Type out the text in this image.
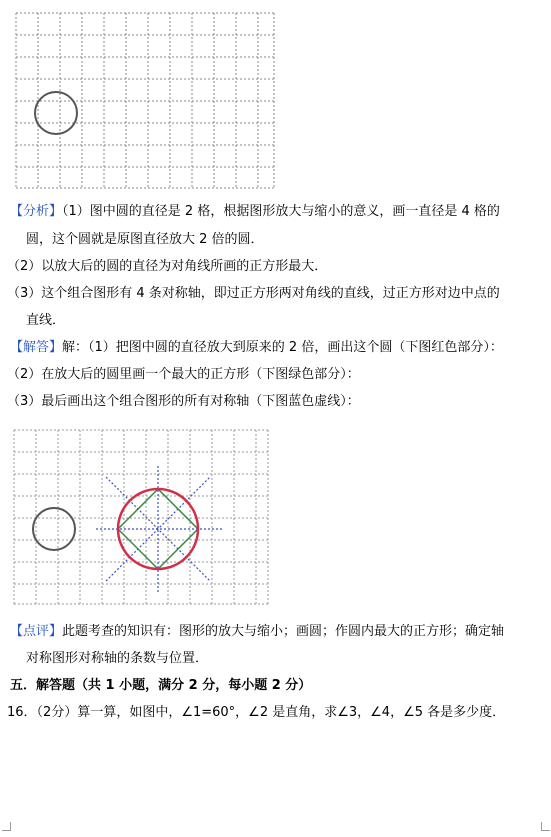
【分析】（1）图中圆的直径是 2 格，根据图形放大与缩小的意义，画一直径是 4 格的
圆，这个圆就是原图直径放大 2 倍的圆．
（2）以放大后的圆的直径为对角线所画的正方形最大．
（3）这个组合图形有 4 条对称轴，即过正方形两对角线的直线，过正方形对边中点的
直线．
【解答】解：（1）把图中圆的直径放大到原来的 2 倍，画出这个圆（下图红色部分）：
（2）在放大后的圆里画一个最大的正方形（下图绿色部分）：
（3）最后画出这个组合图形的所有对称轴（下图蓝色虚线）：
【点评】此题考查的知识有：图形的放大与缩小；画圆；作圆内最大的正方形；确定轴
对称图形对称轴的条数与位置．
五．解答题（共 1 小题，满分 2 分，每小题 2 分）
16．（2分）算一算，如图中，∠1=60°，∠2 是直角，求∠3，∠4，∠5 各是多少度．
